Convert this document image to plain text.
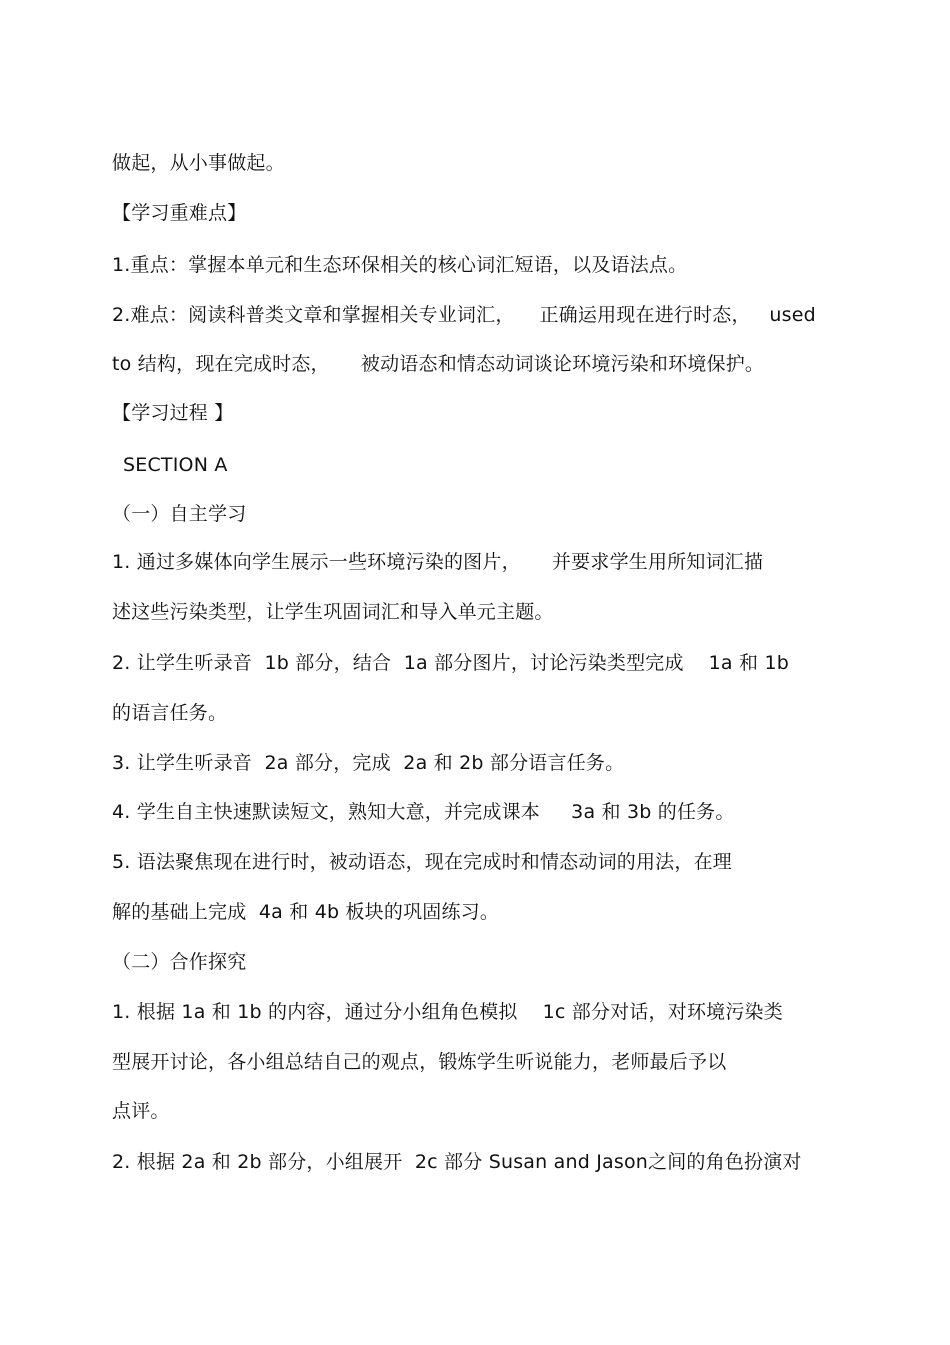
做起，从小事做起。
【学习重难点】
1.重点：掌握本单元和生态环保相关的核心词汇短语，以及语法点。
2.难点：阅读科普类文章和掌握相关专业词汇，    正确运用现在进行时态，   used
to 结构，现在完成时态，     被动语态和情态动词谈论环境污染和环境保护。
【学习过程 】
SECTION A
（一）自主学习
1. 通过多媒体向学生展示一些环境污染的图片，     并要求学生用所知词汇描
述这些污染类型，让学生巩固词汇和导入单元主题。
2. 让学生听录音  1b 部分，结合  1a 部分图片，讨论污染类型完成    1a 和 1b
的语言任务。
3. 让学生听录音  2a 部分，完成  2a 和 2b 部分语言任务。
4. 学生自主快速默读短文，熟知大意，并完成课本     3a 和 3b 的任务。
5. 语法聚焦现在进行时，被动语态，现在完成时和情态动词的用法，在理
解的基础上完成  4a 和 4b 板块的巩固练习。
（二）合作探究
1. 根据 1a 和 1b 的内容，通过分小组角色模拟    1c 部分对话，对环境污染类
型展开讨论，各小组总结自己的观点，锻炼学生听说能力，老师最后予以
点评。
2. 根据 2a 和 2b 部分，小组展开  2c 部分 Susan and Jason之间的角色扮演对
